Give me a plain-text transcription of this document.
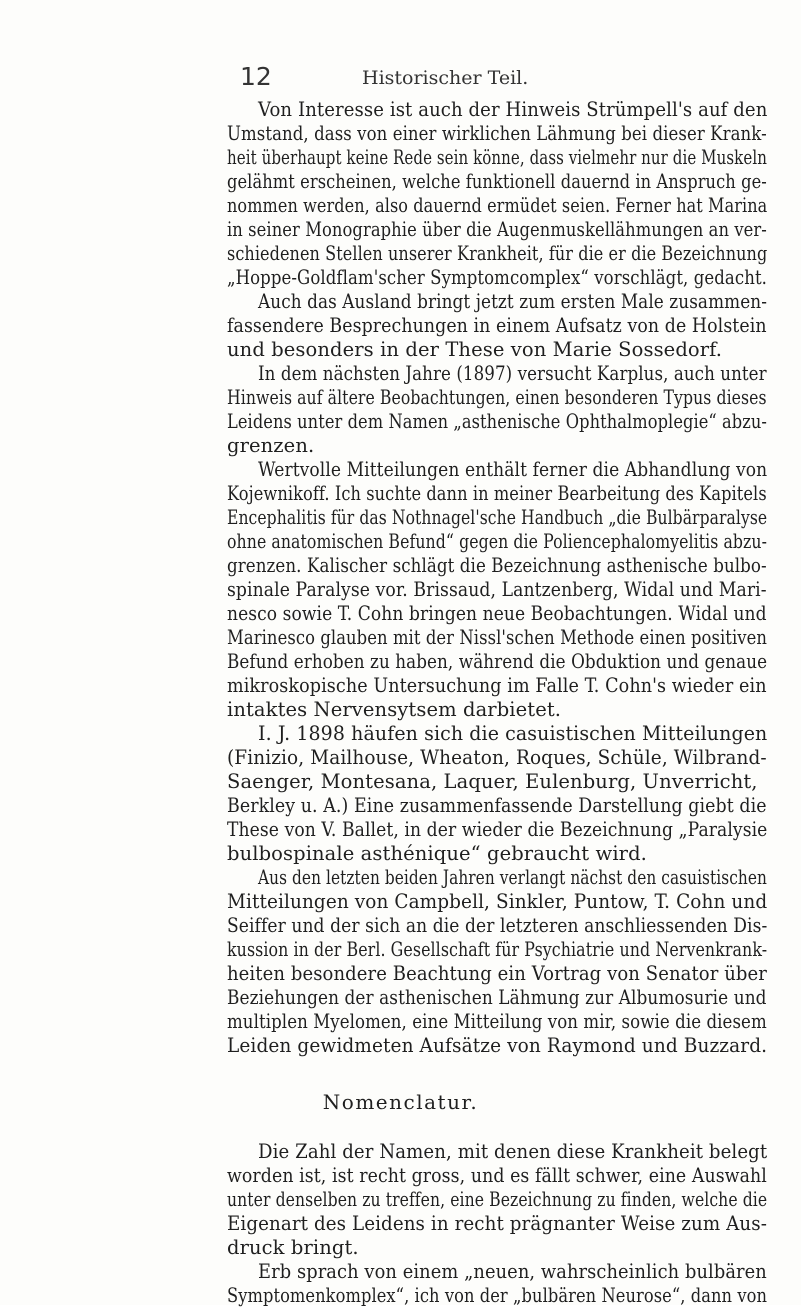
12	Historischer Teil.
Von Interesse ist auch der Hinweis Strümpell's auf den
Umstand, dass von einer wirklichen Lähmung bei dieser Krank-
heit überhaupt keine Rede sein könne, dass vielmehr nur die Muskeln
gelähmt erscheinen, welche funktionell dauernd in Anspruch ge-
nommen werden, also dauernd ermüdet seien. Ferner hat Marina
in seiner Monographie über die Augenmuskellähmungen an ver-
schiedenen Stellen unserer Krankheit, für die er die Bezeichnung
„Hoppe-Goldflam'scher Symptomcomplex“ vorschlägt, gedacht.
Auch das Ausland bringt jetzt zum ersten Male zusammen-
fassendere Besprechungen in einem Aufsatz von de Holstein
und besonders in der These von Marie Sossedorf.
In dem nächsten Jahre (1897) versucht Karplus, auch unter
Hinweis auf ältere Beobachtungen, einen besonderen Typus dieses
Leidens unter dem Namen „asthenische Ophthalmoplegie“ abzu-
grenzen.
Wertvolle Mitteilungen enthält ferner die Abhandlung von
Kojewnikoff. Ich suchte dann in meiner Bearbeitung des Kapitels
Encephalitis für das Nothnagel'sche Handbuch „die Bulbärparalyse
ohne anatomischen Befund“ gegen die Poliencephalomyelitis abzu-
grenzen. Kalischer schlägt die Bezeichnung asthenische bulbo-
spinale Paralyse vor. Brissaud, Lantzenberg, Widal und Mari-
nesco sowie T. Cohn bringen neue Beobachtungen. Widal und
Marinesco glauben mit der Nissl'schen Methode einen positiven
Befund erhoben zu haben, während die Obduktion und genaue
mikroskopische Untersuchung im Falle T. Cohn's wieder ein
intaktes Nervensytsem darbietet.
I. J. 1898 häufen sich die casuistischen Mitteilungen
(Finizio, Mailhouse, Wheaton, Roques, Schüle, Wilbrand-
Saenger, Montesana, Laquer, Eulenburg, Unverricht,
Berkley u. A.) Eine zusammenfassende Darstellung giebt die
These von V. Ballet, in der wieder die Bezeichnung „Paralysie
bulbospinale asthénique“ gebraucht wird.
Aus den letzten beiden Jahren verlangt nächst den casuistischen
Mitteilungen von Campbell, Sinkler, Puntow, T. Cohn und
Seiffer und der sich an die der letzteren anschliessenden Dis-
kussion in der Berl. Gesellschaft für Psychiatrie und Nervenkrank-
heiten besondere Beachtung ein Vortrag von Senator über
Beziehungen der asthenischen Lähmung zur Albumosurie und
multiplen Myelomen, eine Mitteilung von mir, sowie die diesem
Leiden gewidmeten Aufsätze von Raymond und Buzzard.
Nomenclatur.
Die Zahl der Namen, mit denen diese Krankheit belegt
worden ist, ist recht gross, und es fällt schwer, eine Auswahl
unter denselben zu treffen, eine Bezeichnung zu finden, welche die
Eigenart des Leidens in recht prägnanter Weise zum Aus-
druck bringt.
Erb sprach von einem „neuen, wahrscheinlich bulbären
Symptomenkomplex“, ich von der „bulbären Neurose“, dann von
